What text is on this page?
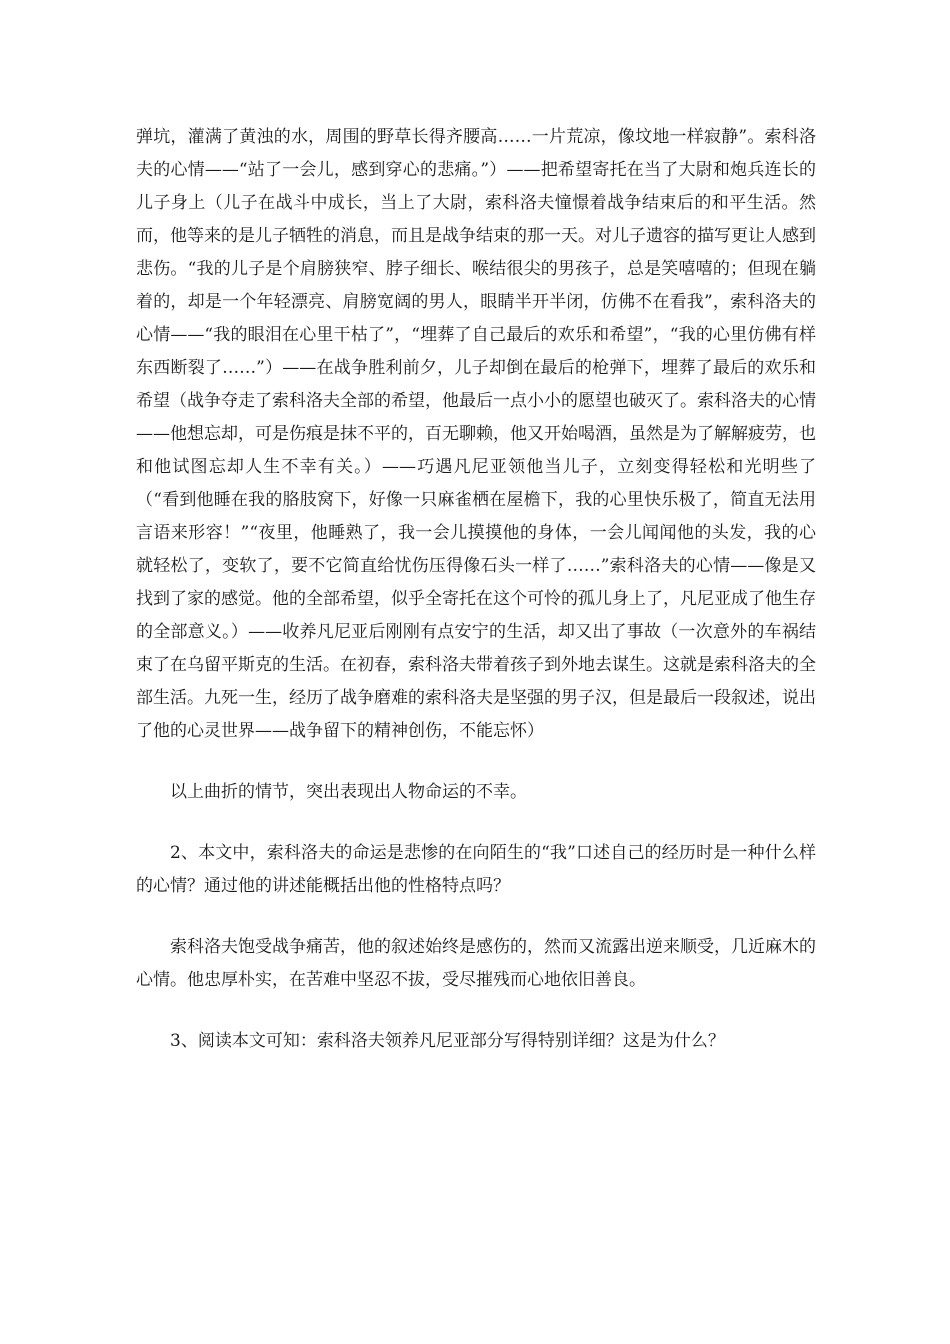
弹坑，灌满了黄浊的水，周围的野草长得齐腰高……一片荒凉，像坟地一样寂静”。索科洛夫的心情——“站了一会儿，感到穿心的悲痛。”）——把希望寄托在当了大尉和炮兵连长的儿子身上（儿子在战斗中成长，当上了大尉，索科洛夫憧憬着战争结束后的和平生活。然而，他等来的是儿子牺牲的消息，而且是战争结束的那一天。对儿子遗容的描写更让人感到悲伤。“我的儿子是个肩膀狭窄、脖子细长、喉结很尖的男孩子，总是笑嘻嘻的；但现在躺着的，却是一个年轻漂亮、肩膀宽阔的男人，眼睛半开半闭，仿佛不在看我”，索科洛夫的心情——“我的眼泪在心里干枯了”，“埋葬了自己最后的欢乐和希望”，“我的心里仿佛有样东西断裂了……”）——在战争胜利前夕，儿子却倒在最后的枪弹下，埋葬了最后的欢乐和希望（战争夺走了索科洛夫全部的希望，他最后一点小小的愿望也破灭了。索科洛夫的心情——他想忘却，可是伤痕是抹不平的，百无聊赖，他又开始喝酒，虽然是为了解解疲劳，也和他试图忘却人生不幸有关。）——巧遇凡尼亚领他当儿子，立刻变得轻松和光明些了（“看到他睡在我的胳肢窝下，好像一只麻雀栖在屋檐下，我的心里快乐极了，简直无法用言语来形容！”“夜里，他睡熟了，我一会儿摸摸他的身体，一会儿闻闻他的头发，我的心就轻松了，变软了，要不它简直给忧伤压得像石头一样了……”索科洛夫的心情——像是又找到了家的感觉。他的全部希望，似乎全寄托在这个可怜的孤儿身上了，凡尼亚成了他生存的全部意义。）——收养凡尼亚后刚刚有点安宁的生活，却又出了事故（一次意外的车祸结束了在乌留平斯克的生活。在初春，索科洛夫带着孩子到外地去谋生。这就是索科洛夫的全部生活。九死一生，经历了战争磨难的索科洛夫是坚强的男子汉，但是最后一段叙述，说出了他的心灵世界——战争留下的精神创伤，不能忘怀）

以上曲折的情节，突出表现出人物命运的不幸。

2、本文中，索科洛夫的命运是悲惨的在向陌生的“我”口述自己的经历时是一种什么样的心情？通过他的讲述能概括出他的性格特点吗？

索科洛夫饱受战争痛苦，他的叙述始终是感伤的，然而又流露出逆来顺受，几近麻木的心情。他忠厚朴实，在苦难中坚忍不拔，受尽摧残而心地依旧善良。

3、阅读本文可知：索科洛夫领养凡尼亚部分写得特别详细？这是为什么？
